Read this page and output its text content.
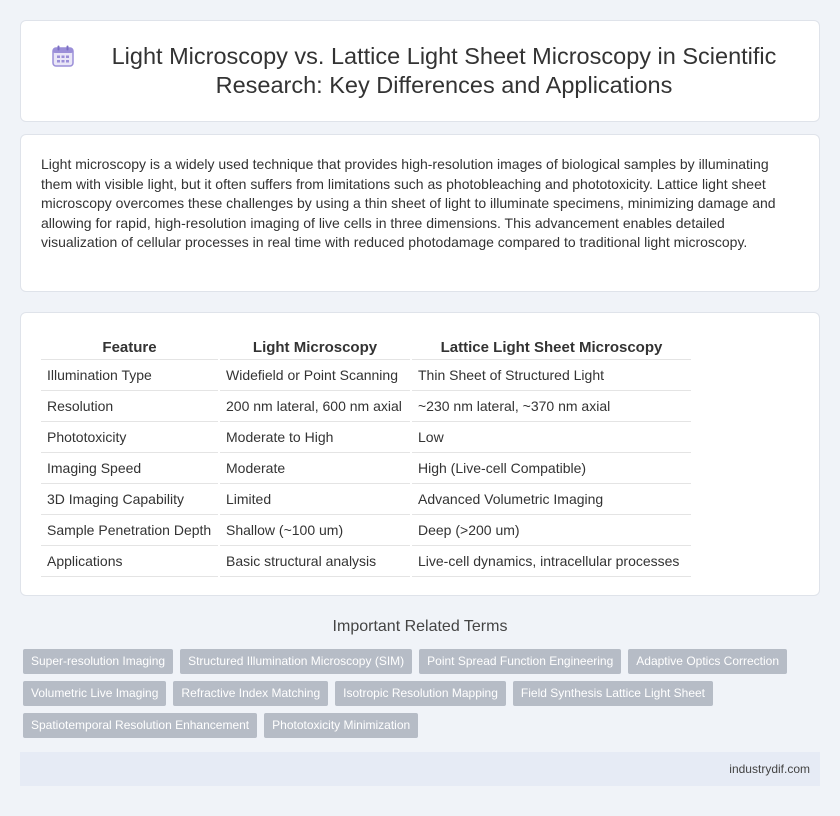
Light Microscopy vs. Lattice Light Sheet Microscopy in Scientific Research: Key Differences and Applications

Light microscopy is a widely used technique that provides high-resolution images of biological samples by illuminating them with visible light, but it often suffers from limitations such as photobleaching and phototoxicity. Lattice light sheet microscopy overcomes these challenges by using a thin sheet of light to illuminate specimens, minimizing damage and allowing for rapid, high-resolution imaging of live cells in three dimensions. This advancement enables detailed visualization of cellular processes in real time with reduced photodamage compared to traditional light microscopy.

Feature	Light Microscopy	Lattice Light Sheet Microscopy
Illumination Type	Widefield or Point Scanning	Thin Sheet of Structured Light
Resolution	200 nm lateral, 600 nm axial	~230 nm lateral, ~370 nm axial
Phototoxicity	Moderate to High	Low
Imaging Speed	Moderate	High (Live-cell Compatible)
3D Imaging Capability	Limited	Advanced Volumetric Imaging
Sample Penetration Depth	Shallow (~100 um)	Deep (>200 um)
Applications	Basic structural analysis	Live-cell dynamics, intracellular processes
Important Related Terms
Super-resolution Imaging	Structured Illumination Microscopy (SIM)	Point Spread Function Engineering	Adaptive Optics Correction
Volumetric Live Imaging	Refractive Index Matching	Isotropic Resolution Mapping	Field Synthesis Lattice Light Sheet
Spatiotemporal Resolution Enhancement	Phototoxicity Minimization
industrydif.com
